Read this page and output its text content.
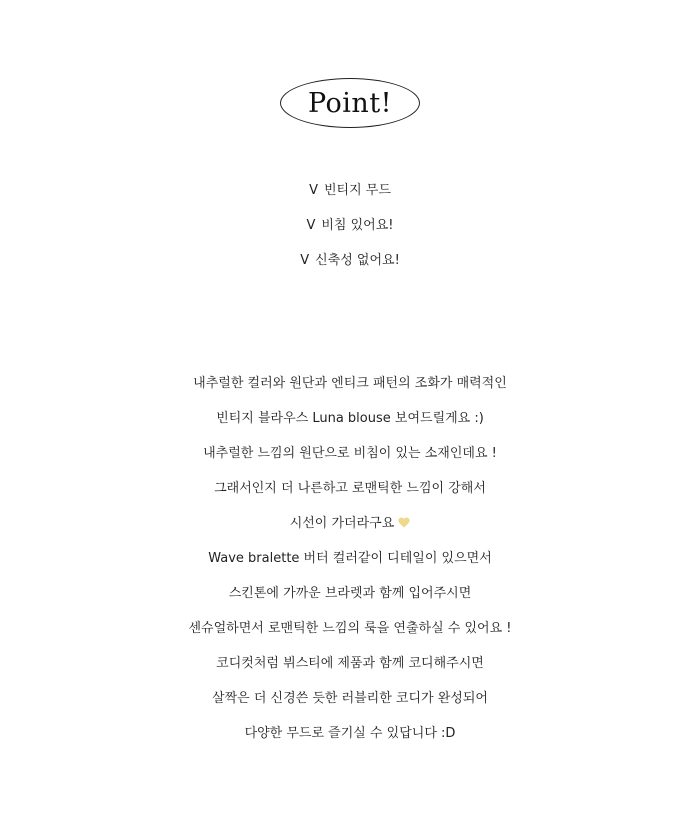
Point!
V 빈티지 무드
V 비침 있어요!
V 신축성 없어요!
내추럴한 컬러와 원단과 엔티크 패턴의 조화가 매력적인
빈티지 블라우스 Luna blouse 보여드릴게요 :)
내추럴한 느낌의 원단으로 비침이 있는 소재인데요 !
그래서인지 더 나른하고 로맨틱한 느낌이 강해서
시선이 가더라구요
Wave bralette 버터 컬러같이 디테일이 있으면서
스킨톤에 가까운 브라렛과 함께 입어주시면
센슈얼하면서 로맨틱한 느낌의 룩을 연출하실 수 있어요 !
코디컷처럼 뷔스티에 제품과 함께 코디해주시면
살짝은 더 신경쓴 듯한 러블리한 코디가 완성되어
다양한 무드로 즐기실 수 있답니다 :D
